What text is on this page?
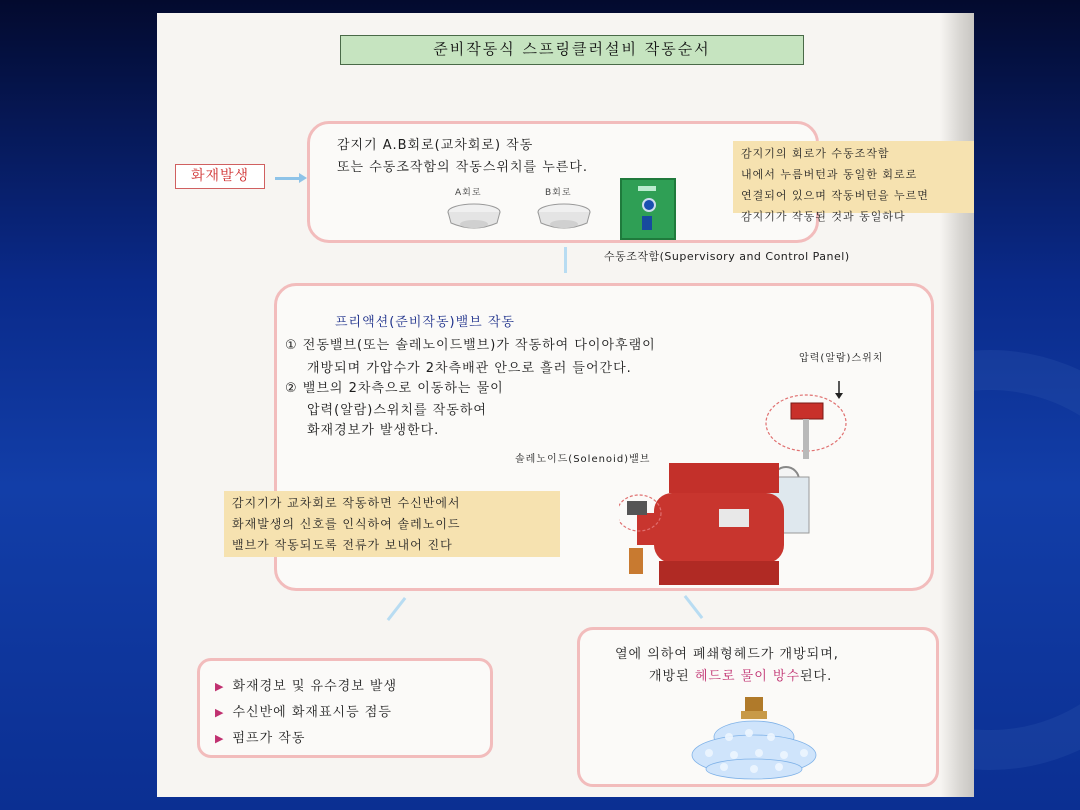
준비작동식 스프링클러설비 작동순서
화재발생
감지기 A.B회로(교차회로) 작동
또는 수동조작함의 작동스위치를 누른다.
A회로	B회로
감지기의 회로가 수동조작함
내에서 누름버턴과 동일한 회로로
연결되어 있으며 작동버턴을 누르면
감지기가 작동된 것과 동일하다
수동조작함(Supervisory and Control Panel)
프리액션(준비작동)밸브 작동
① 전동밸브(또는 솔레노이드밸브)가 작동하여 다이아후램이
개방되며 가압수가 2차측배관 안으로 흘러 들어간다.
② 밸브의 2차측으로 이동하는 물이
압력(알람)스위치를 작동하여
화재경보가 발생한다.
압력(알람)스위치
솔레노이드(Solenoid)밸브
감지기가 교차회로 작동하면 수신반에서
화재발생의 신호를 인식하여 솔레노이드
밸브가 작동되도록 전류가 보내어 진다
▶ 화재경보 및 유수경보 발생
▶ 수신반에 화재표시등 점등
▶ 펌프가 작동
열에 의하여 폐쇄형헤드가 개방되며,
개방된 헤드로 물이 방수된다.
